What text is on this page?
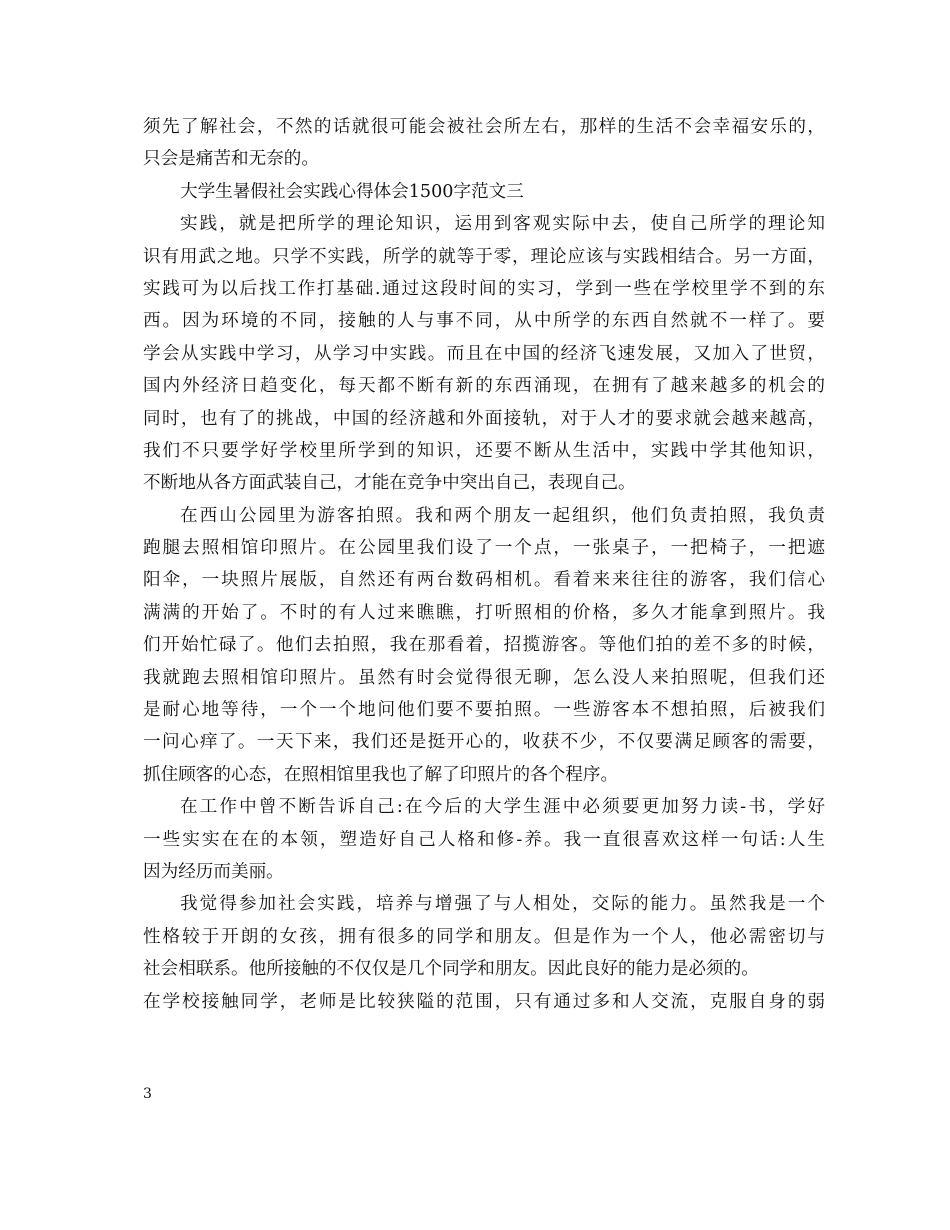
须先了解社会，不然的话就很可能会被社会所左右，那样的生活不会幸福安乐的，
只会是痛苦和无奈的。
大学生暑假社会实践心得体会1500字范文三
实践，就是把所学的理论知识，运用到客观实际中去，使自己所学的理论知
识有用武之地。只学不实践，所学的就等于零，理论应该与实践相结合。另一方面，
实践可为以后找工作打基础.通过这段时间的实习，学到一些在学校里学不到的东
西。因为环境的不同，接触的人与事不同，从中所学的东西自然就不一样了。要
学会从实践中学习，从学习中实践。而且在中国的经济飞速发展，又加入了世贸，
国内外经济日趋变化，每天都不断有新的东西涌现，在拥有了越来越多的机会的
同时，也有了的挑战，中国的经济越和外面接轨，对于人才的要求就会越来越高，
我们不只要学好学校里所学到的知识，还要不断从生活中，实践中学其他知识，
不断地从各方面武装自己，才能在竞争中突出自己，表现自己。
在西山公园里为游客拍照。我和两个朋友一起组织，他们负责拍照，我负责
跑腿去照相馆印照片。在公园里我们设了一个点，一张桌子，一把椅子，一把遮
阳伞，一块照片展版，自然还有两台数码相机。看着来来往往的游客，我们信心
满满的开始了。不时的有人过来瞧瞧，打听照相的价格，多久才能拿到照片。我
们开始忙碌了。他们去拍照，我在那看着，招揽游客。等他们拍的差不多的时候，
我就跑去照相馆印照片。虽然有时会觉得很无聊，怎么没人来拍照呢，但我们还
是耐心地等待，一个一个地问他们要不要拍照。一些游客本不想拍照，后被我们
一问心痒了。一天下来，我们还是挺开心的，收获不少，不仅要满足顾客的需要，
抓住顾客的心态，在照相馆里我也了解了印照片的各个程序。
在工作中曾不断告诉自己:在今后的大学生涯中必须要更加努力读-书，学好
一些实实在在的本领，塑造好自己人格和修-养。我一直很喜欢这样一句话:人生
因为经历而美丽。
我觉得参加社会实践，培养与增强了与人相处，交际的能力。虽然我是一个
性格较于开朗的女孩，拥有很多的同学和朋友。但是作为一个人，他必需密切与
社会相联系。他所接触的不仅仅是几个同学和朋友。因此良好的能力是必须的。
在学校接触同学，老师是比较狭隘的范围，只有通过多和人交流，克服自身的弱
3
